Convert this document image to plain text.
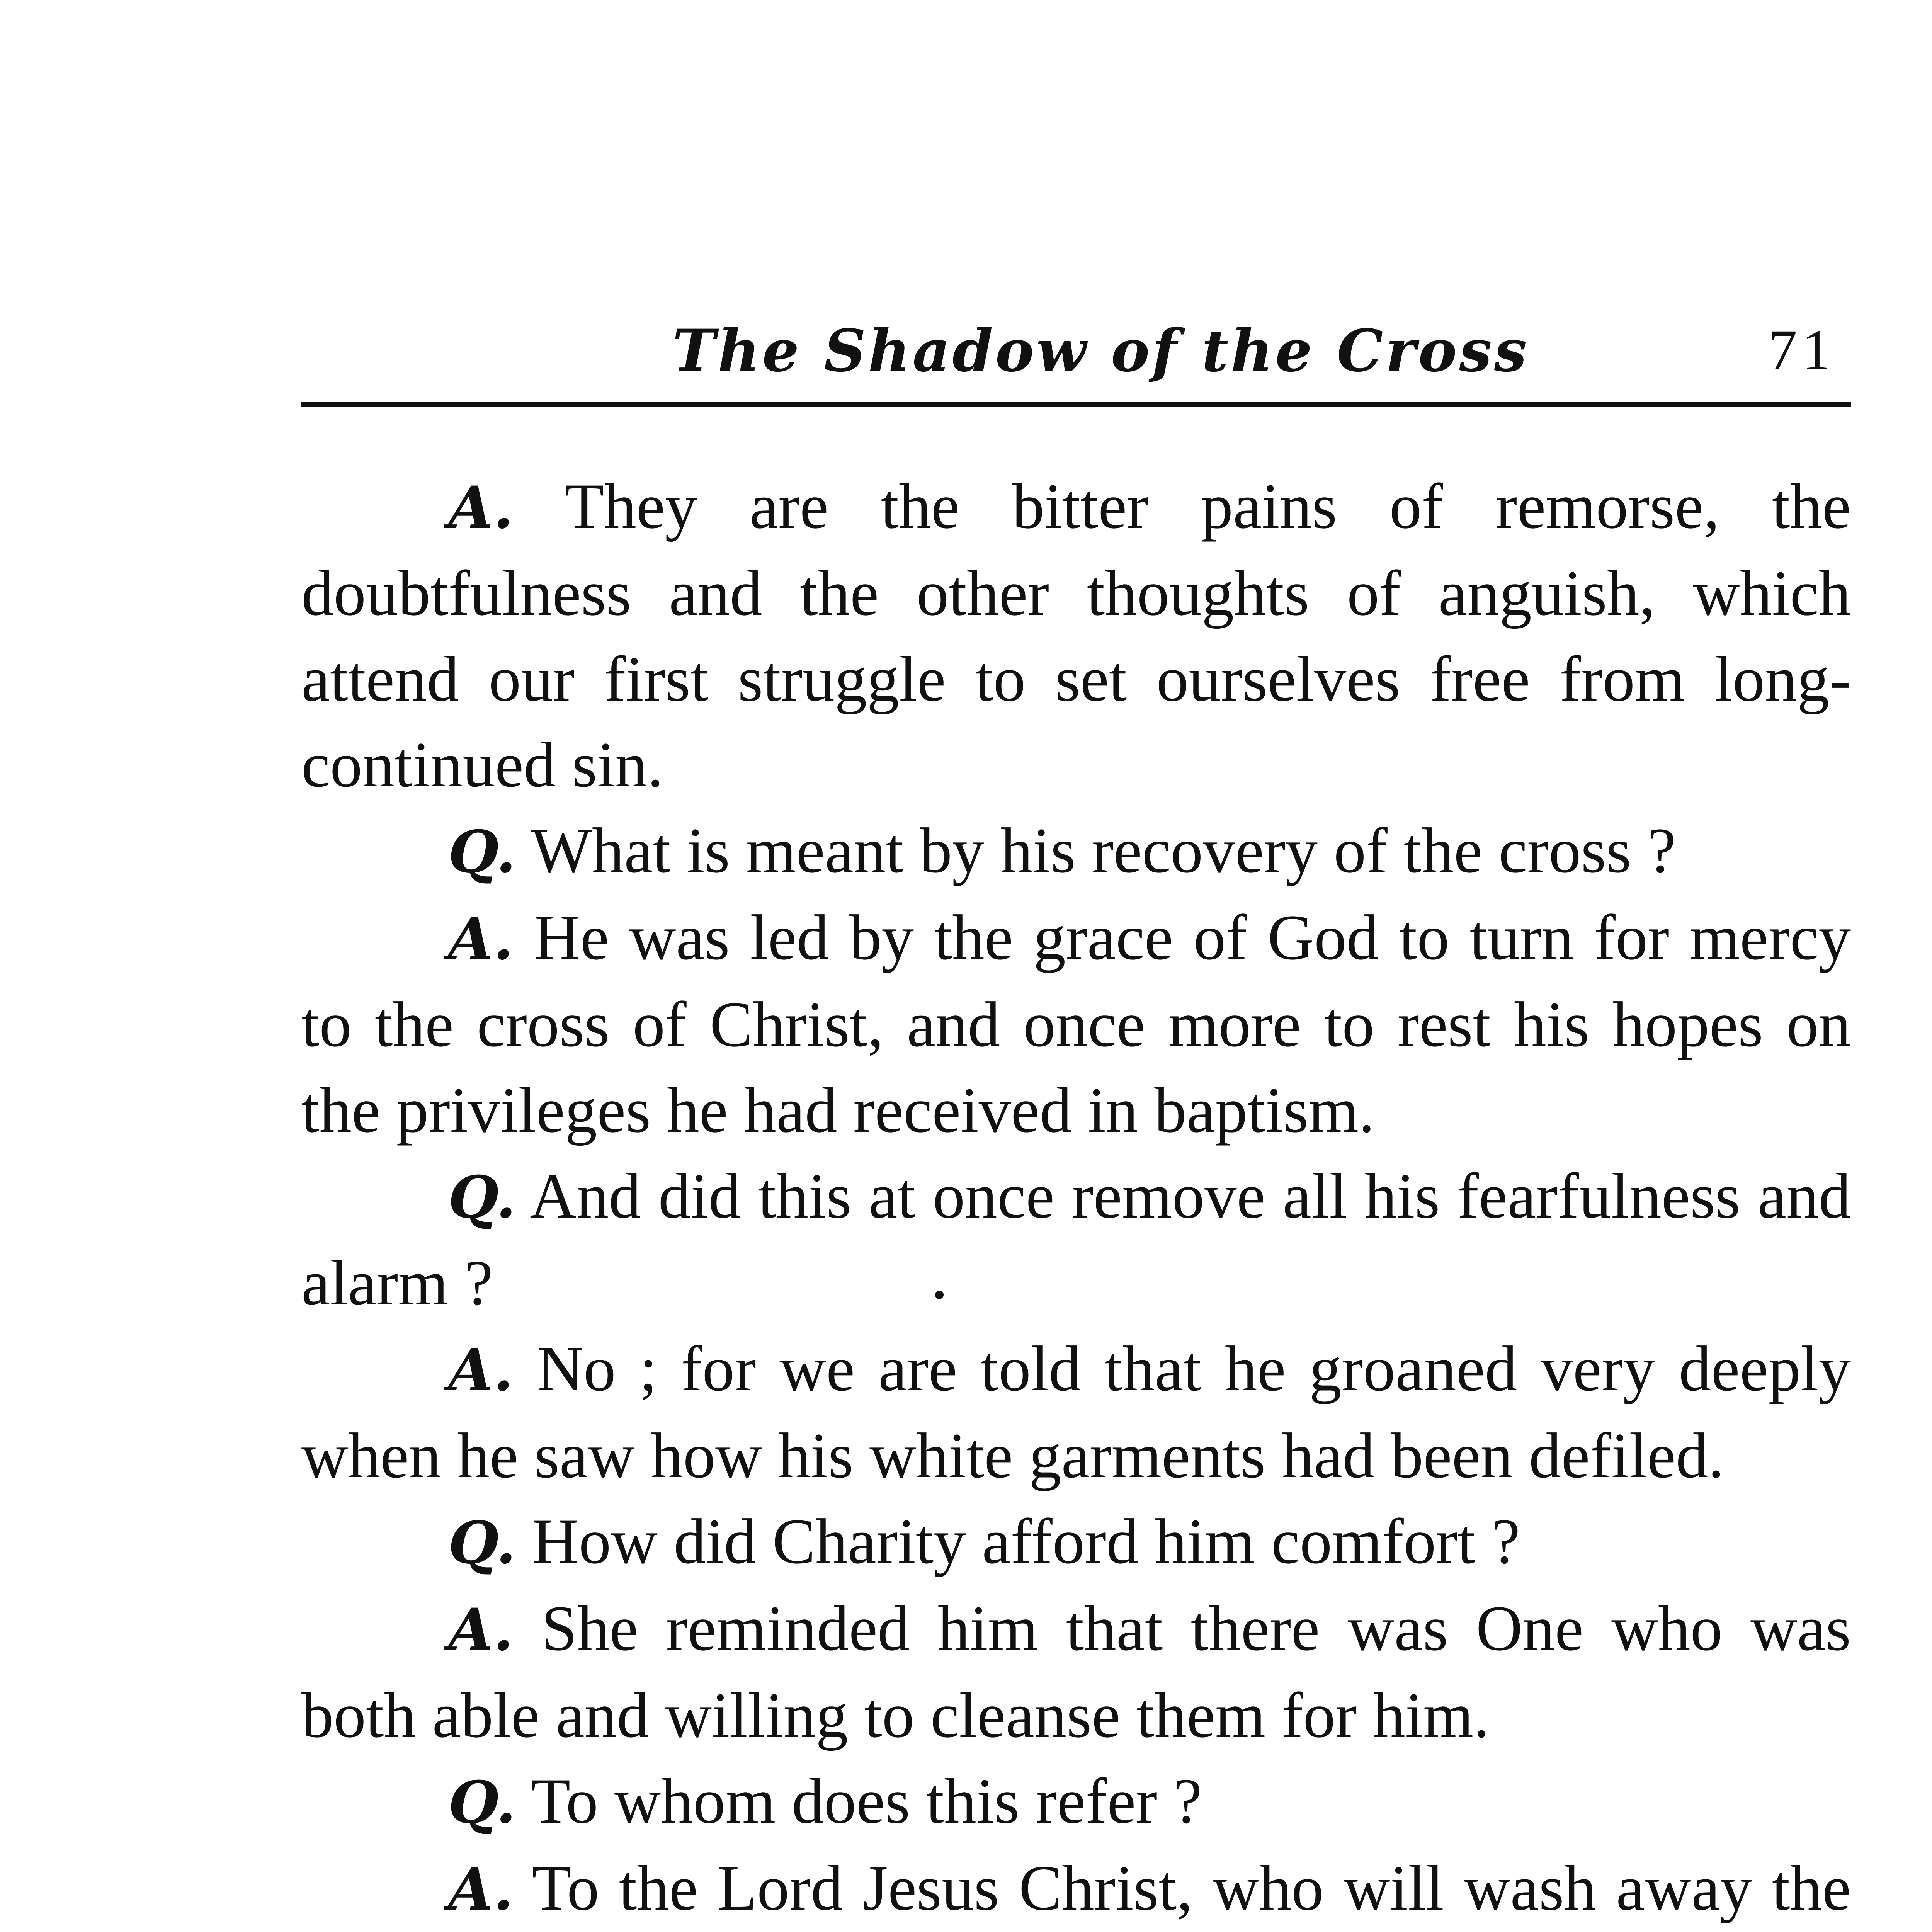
The Shadow of the Cross	71

A. They are the bitter pains of remorse, the doubtfulness and the other thoughts of anguish, which attend our first struggle to set ourselves free from long-continued sin.

Q. What is meant by his recovery of the cross ?

A. He was led by the grace of God to turn for mercy to the cross of Christ, and once more to rest his hopes on the privileges he had received in baptism.

Q. And did this at once remove all his fearfulness and alarm ?

A. No ; for we are told that he groaned very deeply when he saw how his white garments had been defiled.

Q. How did Charity afford him comfort ?

A. She reminded him that there was One who was both able and willing to cleanse them for him.

Q. To whom does this refer ?

A. To the Lord Jesus Christ, who will wash away the
